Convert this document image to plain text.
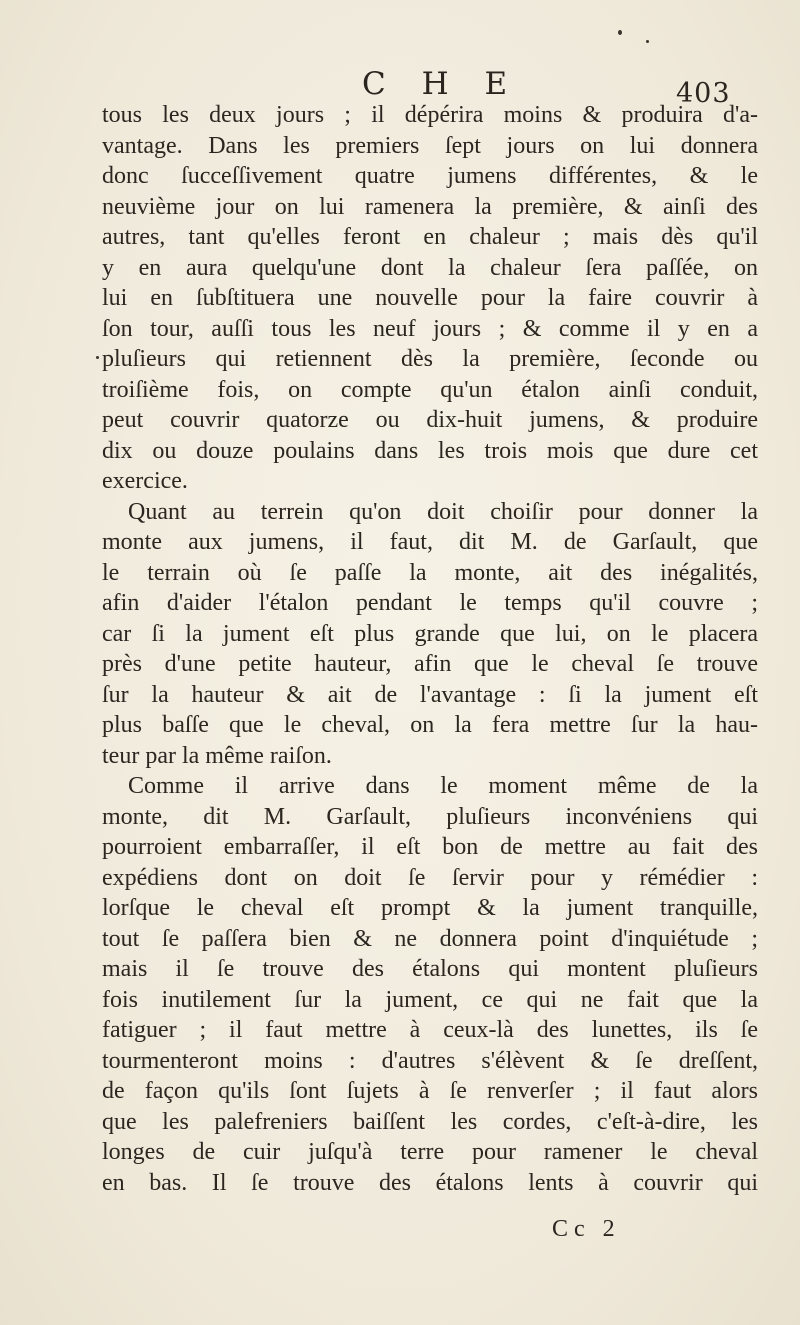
C H E	403
tous les deux jours ; il dépérira moins & produira d'a-
vantage. Dans les premiers ſept jours on lui donnera
donc ſucceſſivement quatre jumens différentes, & le
neuvième jour on lui ramenera la première, & ainſi des
autres, tant qu'elles feront en chaleur ; mais dès qu'il
y en aura quelqu'une dont la chaleur ſera paſſée, on
lui en ſubſtituera une nouvelle pour la faire couvrir à
ſon tour, auſſi tous les neuf jours ; & comme il y en a
pluſieurs qui retiennent dès la première, ſeconde ou
troiſième fois, on compte qu'un étalon ainſi conduit,
peut couvrir quatorze ou dix-huit jumens, & produire
dix ou douze poulains dans les trois mois que dure cet
exercice.
Quant au terrein qu'on doit choiſir pour donner la
monte aux jumens, il faut, dit M. de Garſault, que
le terrain où ſe paſſe la monte, ait des inégalités,
afin d'aider l'étalon pendant le temps qu'il couvre ;
car ſi la jument eſt plus grande que lui, on le placera
près d'une petite hauteur, afin que le cheval ſe trouve
ſur la hauteur & ait de l'avantage : ſi la jument eſt
plus baſſe que le cheval, on la fera mettre ſur la hau-
teur par la même raiſon.
Comme il arrive dans le moment même de la
monte, dit M. Garſault, pluſieurs inconvéniens qui
pourroient embarraſſer, il eſt bon de mettre au fait des
expédiens dont on doit ſe ſervir pour y rémédier :
lorſque le cheval eſt prompt & la jument tranquille,
tout ſe paſſera bien & ne donnera point d'inquiétude ;
mais il ſe trouve des étalons qui montent pluſieurs
fois inutilement ſur la jument, ce qui ne fait que la
fatiguer ; il faut mettre à ceux-là des lunettes, ils ſe
tourmenteront moins : d'autres s'élèvent & ſe dreſſent,
de façon qu'ils ſont ſujets à ſe renverſer ; il faut alors
que les palefreniers baiſſent les cordes, c'eſt-à-dire, les
longes de cuir juſqu'à terre pour ramener le cheval
en bas. Il ſe trouve des étalons lents à couvrir qui
Cc 2
